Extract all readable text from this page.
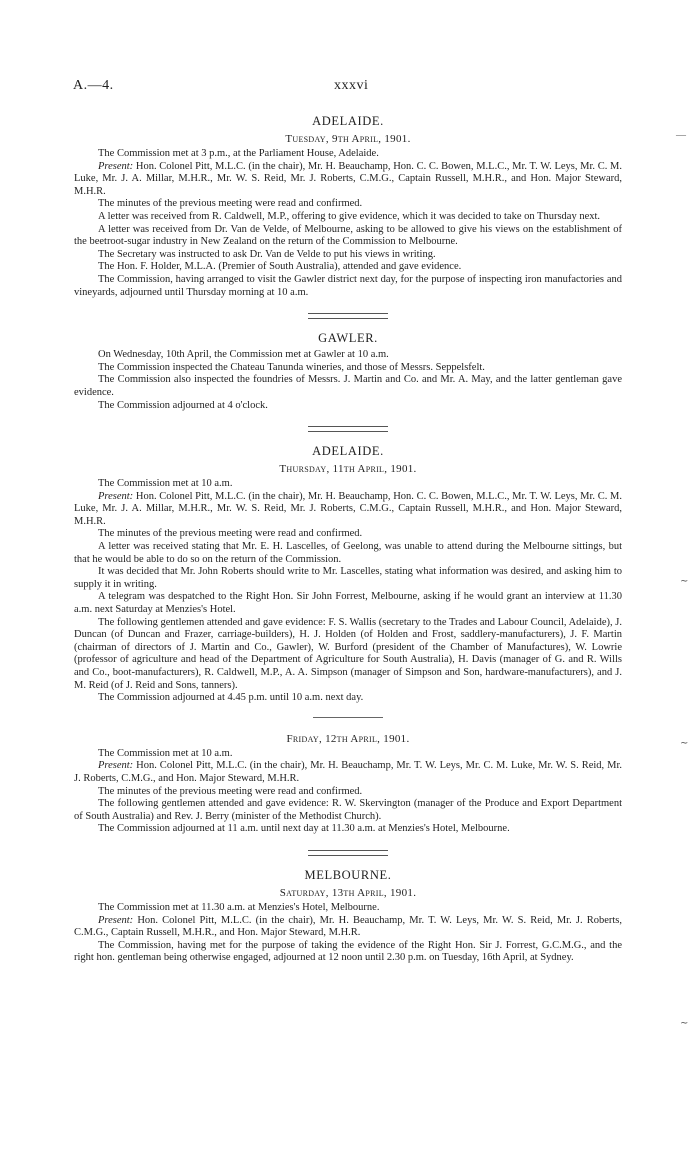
A.—4.	xxxvi
ADELAIDE.
Tuesday, 9th April, 1901.

The Commission met at 3 p.m., at the Parliament House, Adelaide.

Present: Hon. Colonel Pitt, M.L.C. (in the chair), Mr. H. Beauchamp, Hon. C. C. Bowen, M.L.C., Mr. T. W. Leys, Mr. C. M. Luke, Mr. J. A. Millar, M.H.R., Mr. W. S. Reid, Mr. J. Roberts, C.M.G., Captain Russell, M.H.R., and Hon. Major Steward, M.H.R.

The minutes of the previous meeting were read and confirmed.

A letter was received from R. Caldwell, M.P., offering to give evidence, which it was decided to take on Thursday next.

A letter was received from Dr. Van de Velde, of Melbourne, asking to be allowed to give his views on the establishment of the beetroot-sugar industry in New Zealand on the return of the Commission to Melbourne.

The Secretary was instructed to ask Dr. Van de Velde to put his views in writing.

The Hon. F. Holder, M.L.A. (Premier of South Australia), attended and gave evidence.

The Commission, having arranged to visit the Gawler district next day, for the purpose of inspecting iron manufactories and vineyards, adjourned until Thursday morning at 10 a.m.

GAWLER.

On Wednesday, 10th April, the Commission met at Gawler at 10 a.m.

The Commission inspected the Chateau Tanunda wineries, and those of Messrs. Seppelsfelt.

The Commission also inspected the foundries of Messrs. J. Martin and Co. and Mr. A. May, and the latter gentleman gave evidence.

The Commission adjourned at 4 o'clock.

ADELAIDE.
Thursday, 11th April, 1901.

The Commission met at 10 a.m.

Present: Hon. Colonel Pitt, M.L.C. (in the chair), Mr. H. Beauchamp, Hon. C. C. Bowen, M.L.C., Mr. T. W. Leys, Mr. C. M. Luke, Mr. J. A. Millar, M.H.R., Mr. W. S. Reid, Mr. J. Roberts, C.M.G., Captain Russell, M.H.R., and Hon. Major Steward, M.H.R.

The minutes of the previous meeting were read and confirmed.

A letter was received stating that Mr. E. H. Lascelles, of Geelong, was unable to attend during the Melbourne sittings, but that he would be able to do so on the return of the Commission.

It was decided that Mr. John Roberts should write to Mr. Lascelles, stating what information was desired, and asking him to supply it in writing.

A telegram was despatched to the Right Hon. Sir John Forrest, Melbourne, asking if he would grant an interview at 11.30 a.m. next Saturday at Menzies's Hotel.

The following gentlemen attended and gave evidence: F. S. Wallis (secretary to the Trades and Labour Council, Adelaide), J. Duncan (of Duncan and Frazer, carriage-builders), H. J. Holden (of Holden and Frost, saddlery-manufacturers), J. F. Martin (chairman of directors of J. Martin and Co., Gawler), W. Burford (president of the Chamber of Manufactures), W. Lowrie (professor of agriculture and head of the Department of Agriculture for South Australia), H. Davis (manager of G. and R. Wills and Co., boot-manufacturers), R. Caldwell, M.P., A. A. Simpson (manager of Simpson and Son, hardware-manufacturers), and J. M. Reid (of J. Reid and Sons, tanners).

The Commission adjourned at 4.45 p.m. until 10 a.m. next day.

Friday, 12th April, 1901.

The Commission met at 10 a.m.

Present: Hon. Colonel Pitt, M.L.C. (in the chair), Mr. H. Beauchamp, Mr. T. W. Leys, Mr. C. M. Luke, Mr. W. S. Reid, Mr. J. Roberts, C.M.G., and Hon. Major Steward, M.H.R.

The minutes of the previous meeting were read and confirmed.

The following gentlemen attended and gave evidence: R. W. Skervington (manager of the Produce and Export Department of South Australia) and Rev. J. Berry (minister of the Methodist Church).

The Commission adjourned at 11 a.m. until next day at 11.30 a.m. at Menzies's Hotel, Melbourne.

MELBOURNE.
Saturday, 13th April, 1901.

The Commission met at 11.30 a.m. at Menzies's Hotel, Melbourne.

Present: Hon. Colonel Pitt, M.L.C. (in the chair), Mr. H. Beauchamp, Mr. T. W. Leys, Mr. W. S. Reid, Mr. J. Roberts, C.M.G., Captain Russell, M.H.R., and Hon. Major Steward, M.H.R.

The Commission, having met for the purpose of taking the evidence of the Right Hon. Sir J. Forrest, G.C.M.G., and the right hon. gentleman being otherwise engaged, adjourned at 12 noon until 2.30 p.m. on Tuesday, 16th April, at Sydney.

—
∼
∼
∼
